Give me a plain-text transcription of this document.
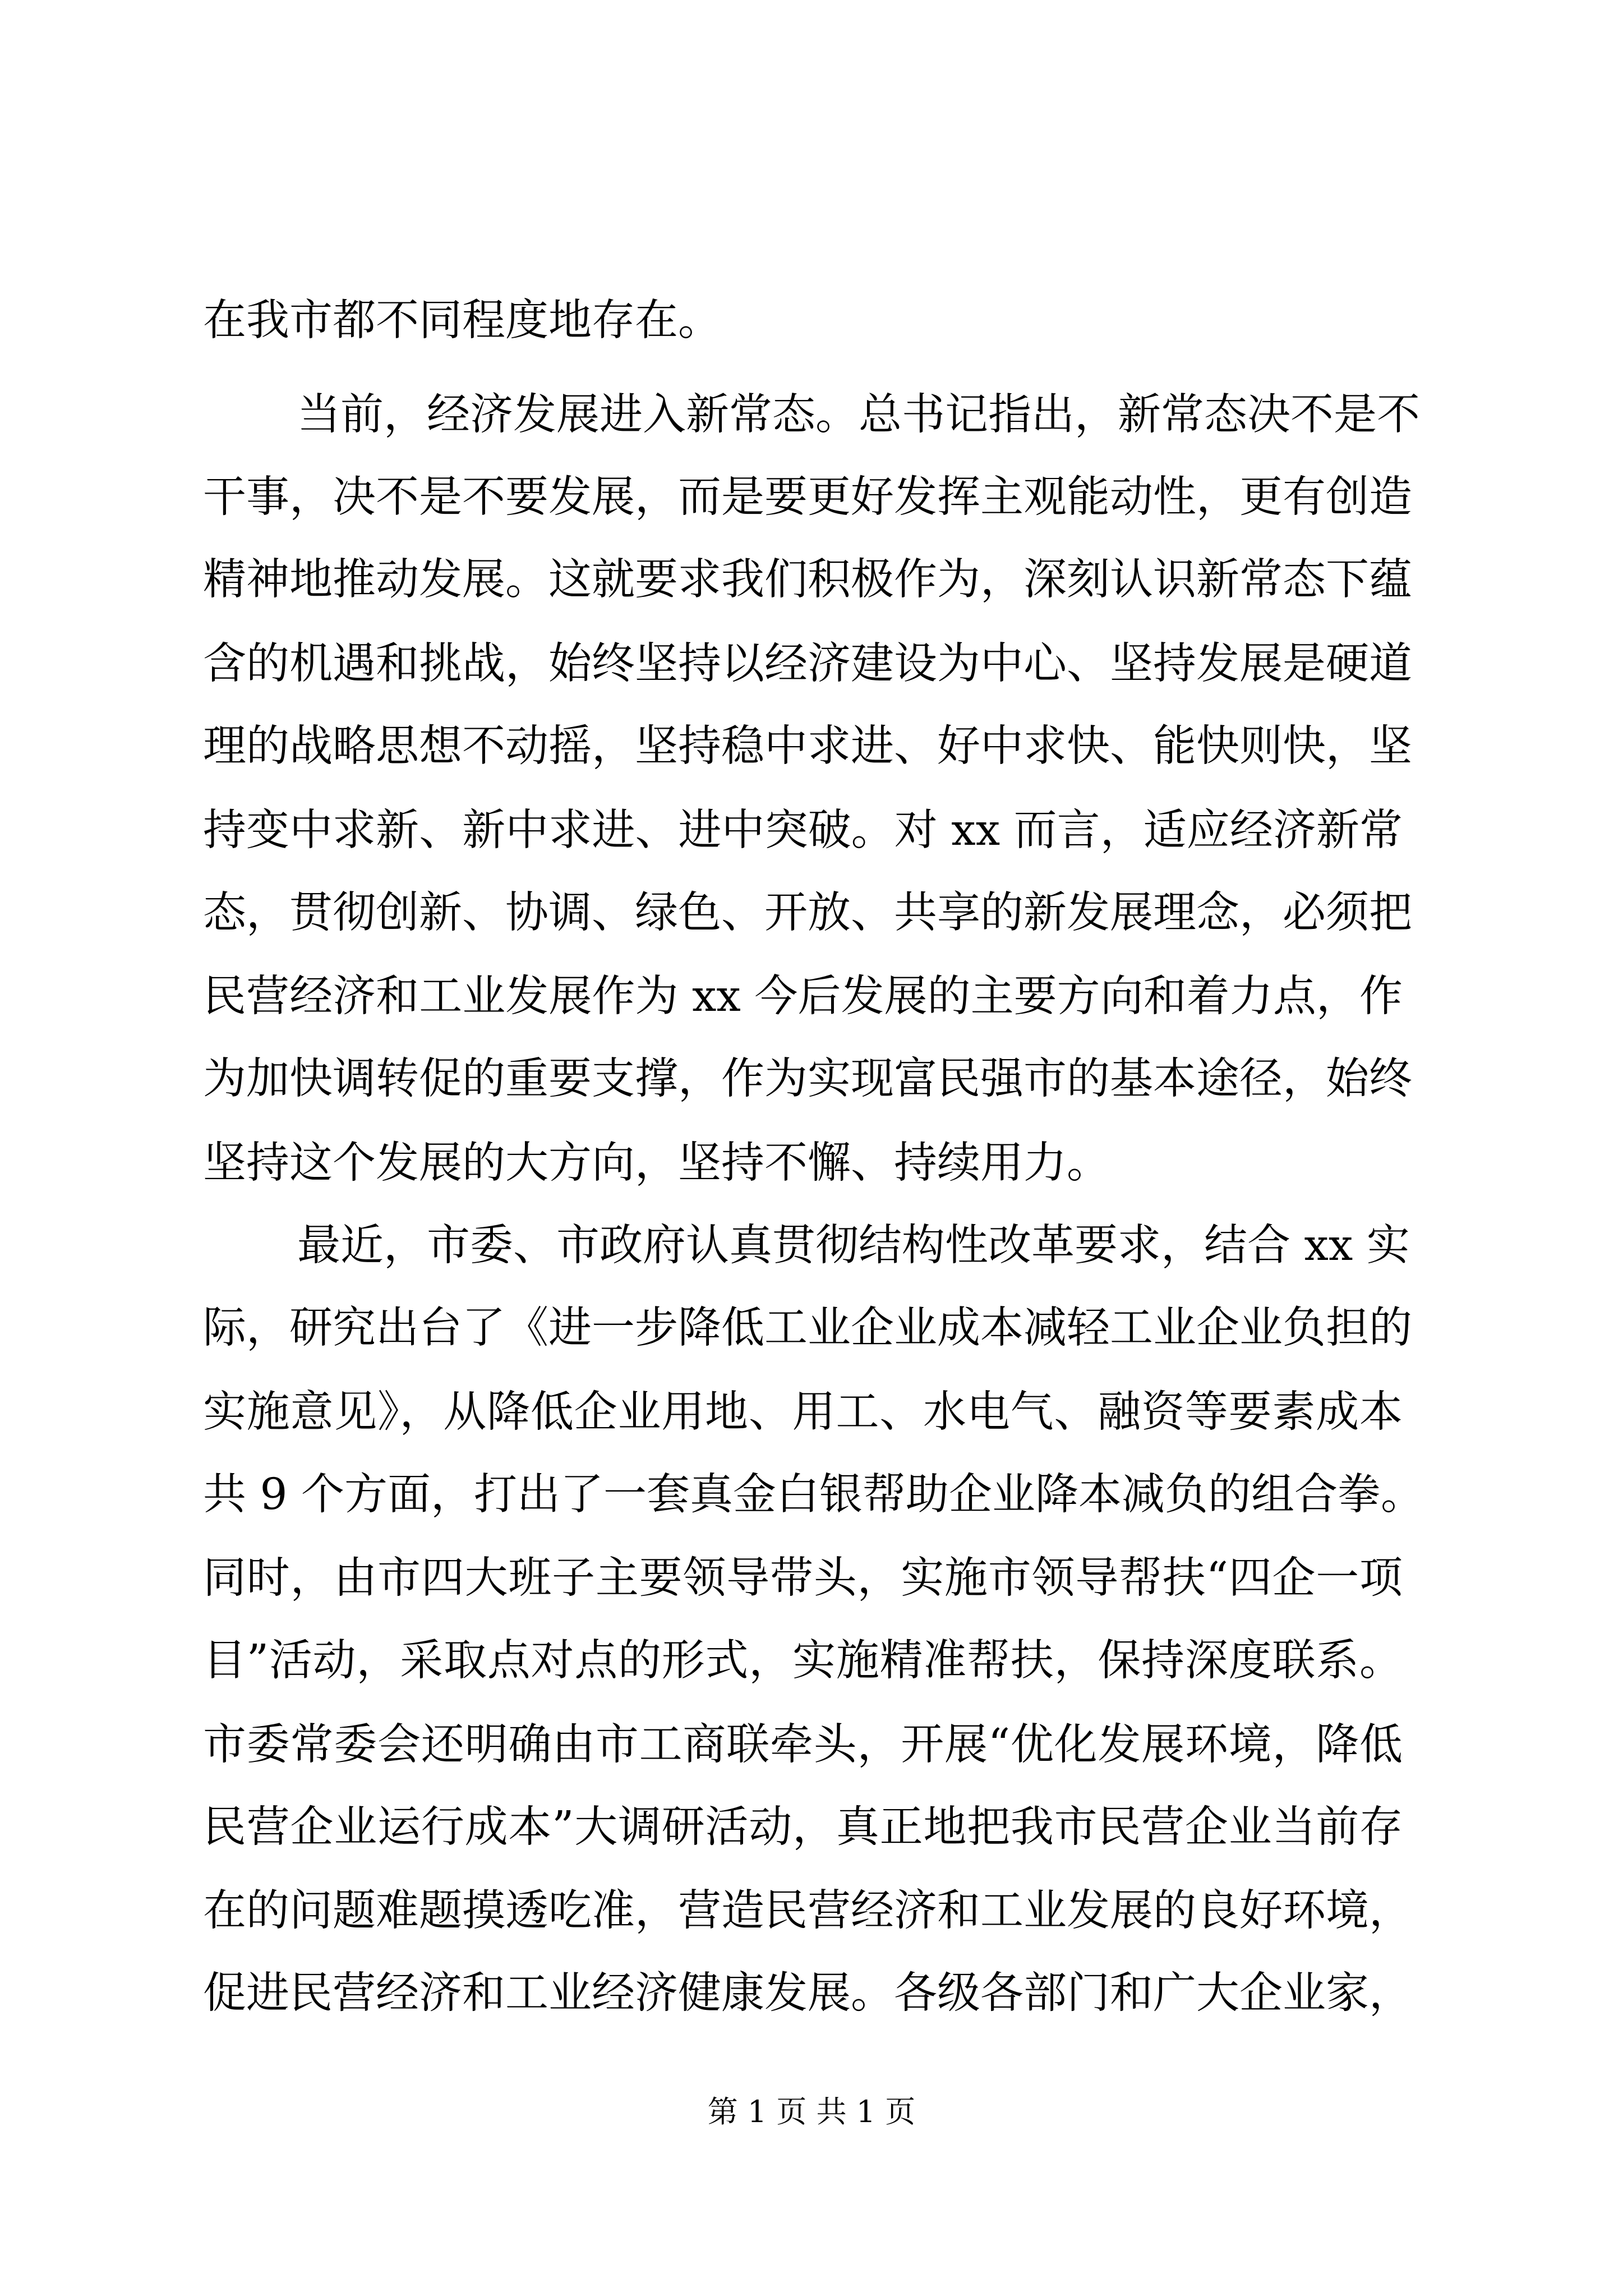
在我市都不同程度地存在。

当前，经济发展进入新常态。总书记指出，新常态决不是不

干事，决不是不要发展，而是要更好发挥主观能动性，更有创造

精神地推动发展。这就要求我们积极作为，深刻认识新常态下蕴

含的机遇和挑战，始终坚持以经济建设为中心、坚持发展是硬道

理的战略思想不动摇，坚持稳中求进、好中求快、能快则快，坚

持变中求新、新中求进、进中突破。对 xx 而言，适应经济新常

态，贯彻创新、协调、绿色、开放、共享的新发展理念，必须把

民营经济和工业发展作为 xx 今后发展的主要方向和着力点，作

为加快调转促的重要支撑，作为实现富民强市的基本途径，始终

坚持这个发展的大方向，坚持不懈、持续用力。

最近，市委、市政府认真贯彻结构性改革要求，结合 xx 实

际，研究出台了《进一步降低工业企业成本减轻工业企业负担的

实施意见》，从降低企业用地、用工、水电气、融资等要素成本

共 9 个方面，打出了一套真金白银帮助企业降本减负的组合拳。

同时，由市四大班子主要领导带头，实施市领导帮扶“四企一项

目”活动，采取点对点的形式，实施精准帮扶，保持深度联系。

市委常委会还明确由市工商联牵头，开展“优化发展环境，降低

民营企业运行成本”大调研活动，真正地把我市民营企业当前存

在的问题难题摸透吃准，营造民营经济和工业发展的良好环境，

促进民营经济和工业经济健康发展。各级各部门和广大企业家，

第 1 页 共 1 页
